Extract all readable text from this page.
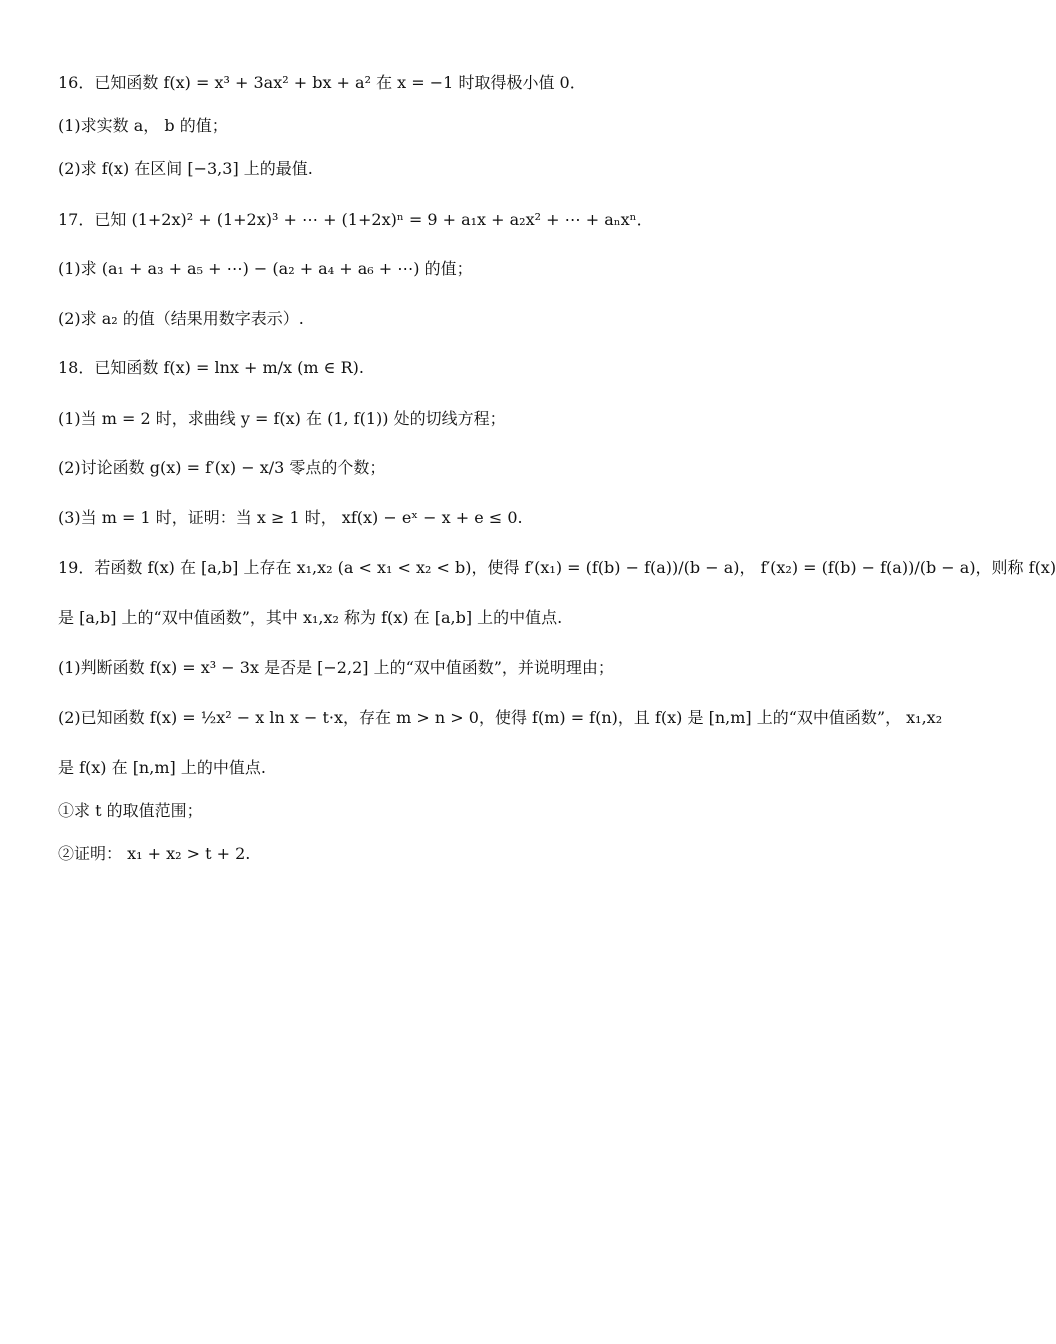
16．已知函数 f(x) = x³ + 3ax² + bx + a² 在 x = −1 时取得极小值 0．
(1)求实数 a， b 的值；
(2)求 f(x) 在区间 [−3,3] 上的最值.
17．已知 (1+2x)² + (1+2x)³ + ⋯ + (1+2x)ⁿ = 9 + a₁x + a₂x² + ⋯ + aₙxⁿ．
(1)求 (a₁ + a₃ + a₅ + ⋯) − (a₂ + a₄ + a₆ + ⋯) 的值；
(2)求 a₂ 的值（结果用数字表示）.
18．已知函数 f(x) = lnx + m/x (m ∈ R).
(1)当 m = 2 时，求曲线 y = f(x) 在 (1, f(1)) 处的切线方程；
(2)讨论函数 g(x) = f′(x) − x/3 零点的个数；
(3)当 m = 1 时，证明：当 x ≥ 1 时， xf(x) − eˣ − x + e ≤ 0.
19．若函数 f(x) 在 [a,b] 上存在 x₁,x₂ (a < x₁ < x₂ < b)，使得 f′(x₁) = (f(b) − f(a))/(b − a)， f′(x₂) = (f(b) − f(a))/(b − a)，则称 f(x)
是 [a,b] 上的“双中值函数”，其中 x₁,x₂ 称为 f(x) 在 [a,b] 上的中值点.
(1)判断函数 f(x) = x³ − 3x 是否是 [−2,2] 上的“双中值函数”，并说明理由；
(2)已知函数 f(x) = ½x² − x ln x − t·x，存在 m > n > 0，使得 f(m) = f(n)，且 f(x) 是 [n,m] 上的“双中值函数”， x₁,x₂
是 f(x) 在 [n,m] 上的中值点.
①求 t 的取值范围；
②证明： x₁ + x₂ > t + 2.
